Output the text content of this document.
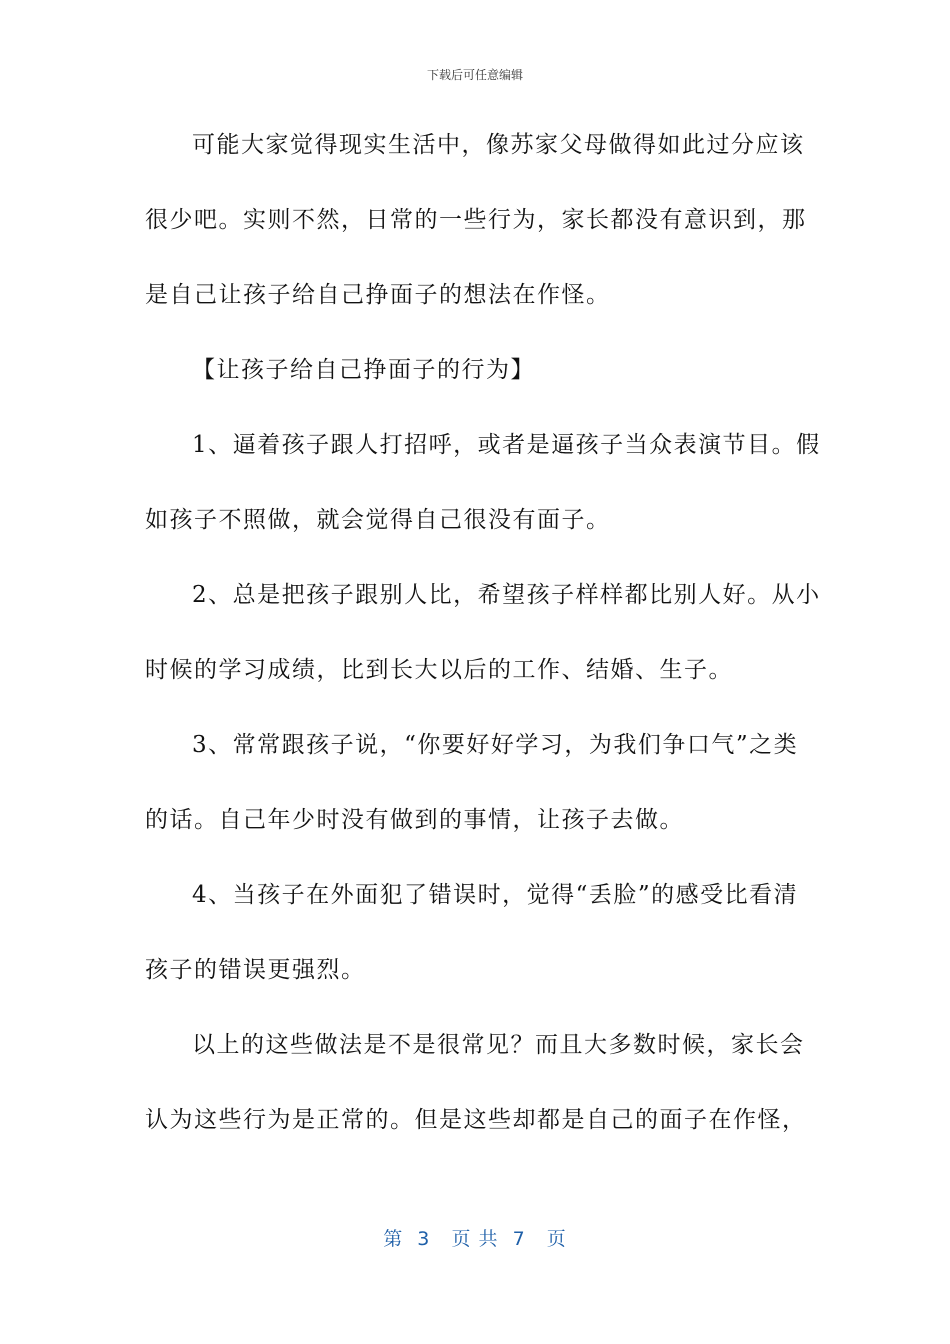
下载后可任意编辑
可能大家觉得现实生活中，像苏家父母做得如此过分应该
很少吧。实则不然，日常的一些行为，家长都没有意识到，那
是自己让孩子给自己挣面子的想法在作怪。
【让孩子给自己挣面子的行为】
1、逼着孩子跟人打招呼，或者是逼孩子当众表演节目。假
如孩子不照做，就会觉得自己很没有面子。
2、总是把孩子跟别人比，希望孩子样样都比别人好。从小
时候的学习成绩，比到长大以后的工作、结婚、生子。
3、常常跟孩子说，“你要好好学习，为我们争口气”之类
的话。自己年少时没有做到的事情，让孩子去做。
4、当孩子在外面犯了错误时，觉得“丢脸”的感受比看清
孩子的错误更强烈。
以上的这些做法是不是很常见？而且大多数时候，家长会
认为这些行为是正常的。但是这些却都是自己的面子在作怪，
第  3   页 共  7   页
